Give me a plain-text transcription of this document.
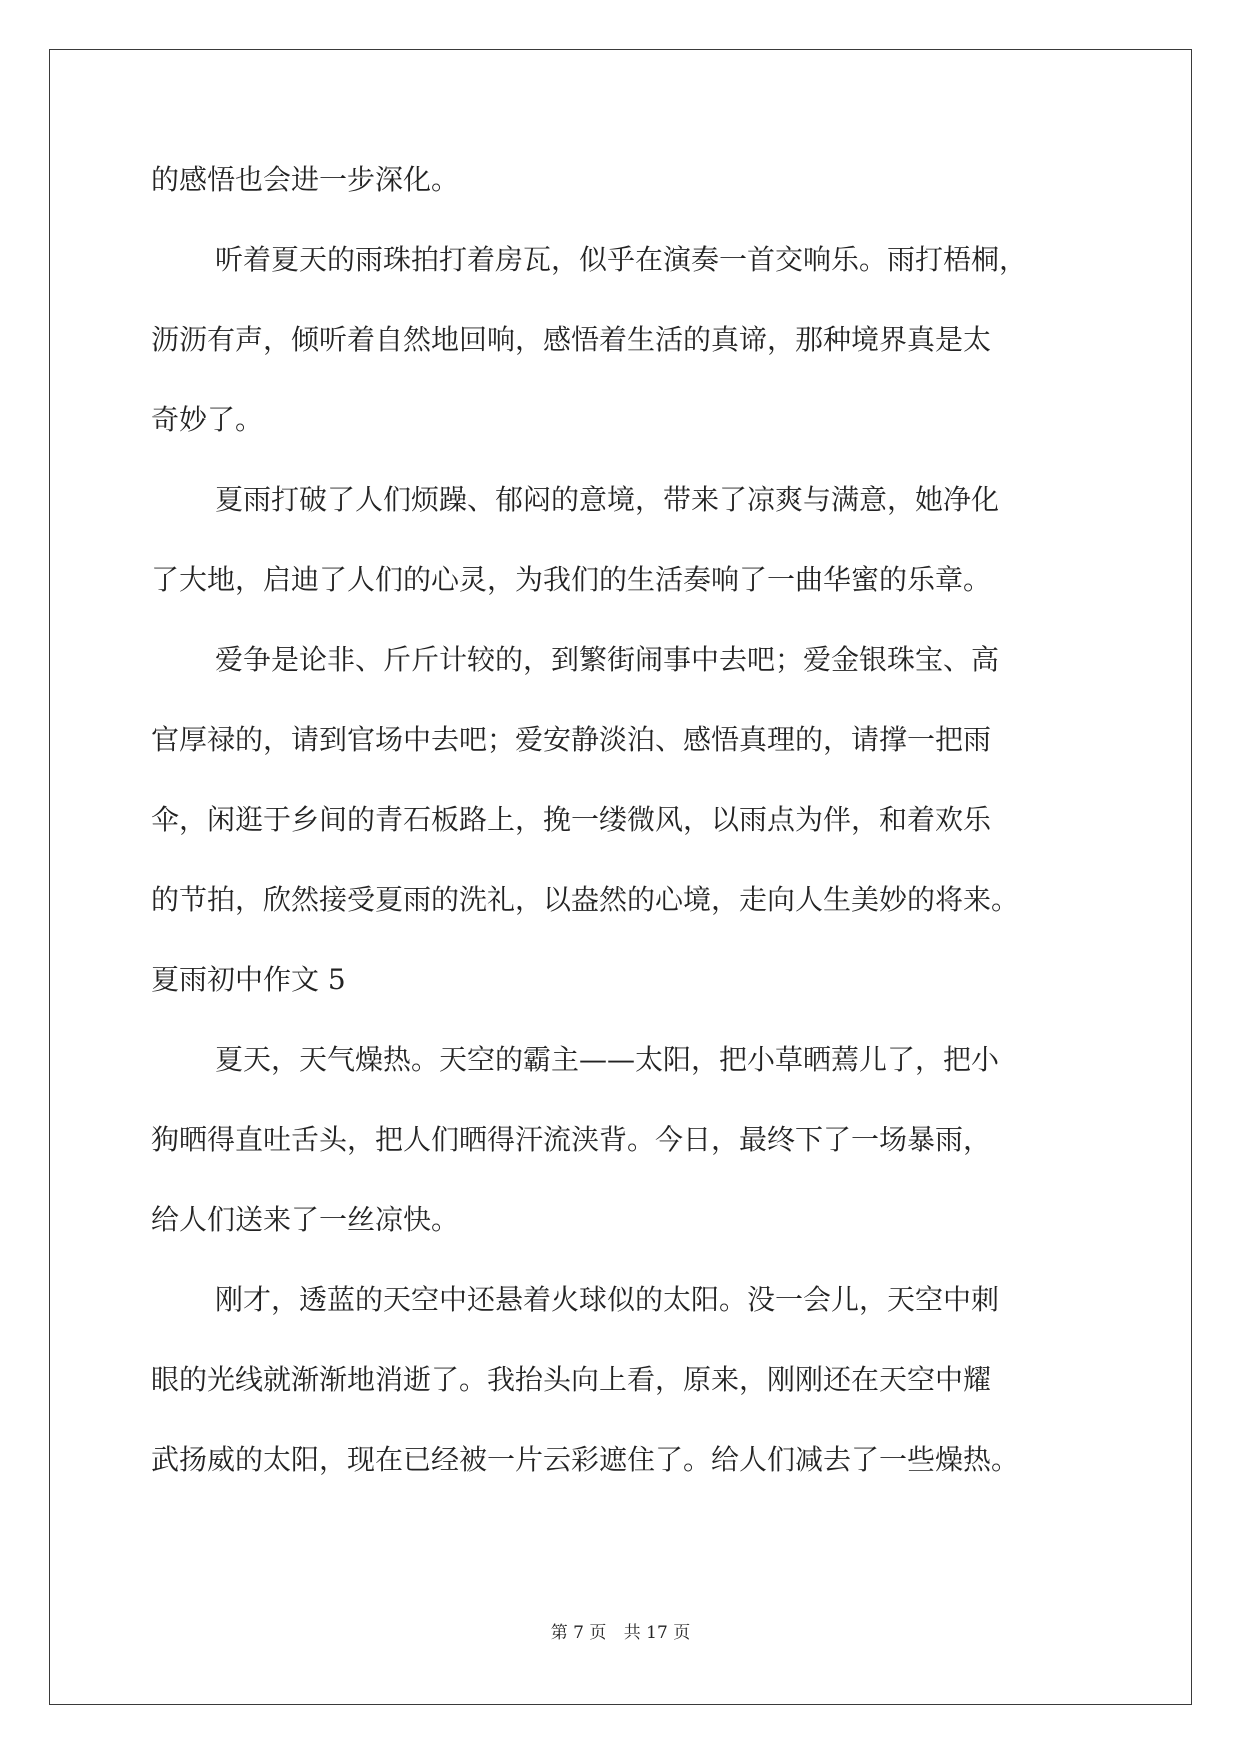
的感悟也会进一步深化。
听着夏天的雨珠拍打着房瓦，似乎在演奏一首交响乐。雨打梧桐，
沥沥有声，倾听着自然地回响，感悟着生活的真谛，那种境界真是太
奇妙了。
夏雨打破了人们烦躁、郁闷的意境，带来了凉爽与满意，她净化
了大地，启迪了人们的心灵，为我们的生活奏响了一曲华蜜的乐章。
爱争是论非、斤斤计较的，到繁街闹事中去吧；爱金银珠宝、高
官厚禄的，请到官场中去吧；爱安静淡泊、感悟真理的，请撑一把雨
伞，闲逛于乡间的青石板路上，挽一缕微风，以雨点为伴，和着欢乐
的节拍，欣然接受夏雨的洗礼，以盎然的心境，走向人生美妙的将来。
夏雨初中作文 5
夏天，天气燥热。天空的霸主——太阳，把小草晒蔫儿了，把小
狗晒得直吐舌头，把人们晒得汗流浃背。今日，最终下了一场暴雨，
给人们送来了一丝凉快。
刚才，透蓝的天空中还悬着火球似的太阳。没一会儿，天空中刺
眼的光线就渐渐地消逝了。我抬头向上看，原来，刚刚还在天空中耀
武扬威的太阳，现在已经被一片云彩遮住了。给人们减去了一些燥热。
第 7 页 共 17 页
